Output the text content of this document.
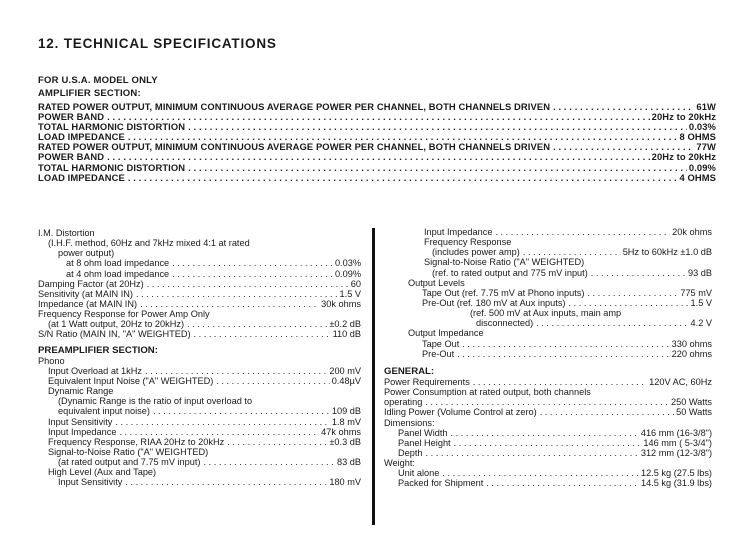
12. TECHNICAL SPECIFICATIONS
FOR U.S.A. MODEL ONLY
AMPLIFIER SECTION:
RATED POWER OUTPUT, MINIMUM CONTINUOUS AVERAGE POWER PER CHANNEL, BOTH CHANNELS DRIVEN . . .	61W
POWER BAND . . .	20Hz to 20kHz
TOTAL HARMONIC DISTORTION . . .	0.03%
LOAD IMPEDANCE . . .	8 OHMS
RATED POWER OUTPUT, MINIMUM CONTINUOUS AVERAGE POWER PER CHANNEL, BOTH CHANNELS DRIVEN . . .	77W
POWER BAND . . .	20Hz to 20kHz
TOTAL HARMONIC DISTORTION . . .	0.09%
LOAD IMPEDANCE . . .	4 OHMS
I.M. Distortion
(I.H.F. method, 60Hz and 7kHz mixed 4:1 at rated
power output)
at 8 ohm load impedance . . .	0.03%
at 4 ohm load impedance . . .	0.09%
Damping Factor (at 20Hz) . . .	60
Sensitivity (at MAIN IN) . . .	1.5 V
Impedance (at MAIN IN) . . .	30k ohms
Frequency Response for Power Amp Only
(at 1 Watt output, 20Hz to 20kHz) . . .	±0.2 dB
S/N Ratio (MAIN IN, "A" WEIGHTED) . . .	110 dB
PREAMPLIFIER SECTION:
Phono
Input Overload at 1kHz . . .	200 mV
Equivalent Input Noise ("A" WEIGHTED) . . .	0.48µV
Dynamic Range
(Dynamic Range is the ratio of input overload to
equivalent input noise) . . .	109 dB
Input Sensitivity . . .	1.8 mV
Input Impedance . . .	47k ohms
Frequency Response, RIAA 20Hz to 20kHz . . .	±0.3 dB
Signal-to-Noise Ratio ("A" WEIGHTED)
(at rated output and 7.75 mV input) . . .	83 dB
High Level (Aux and Tape)
Input Sensitivity . . .	180 mV
Input Impedance . . .	20k ohms
Frequency Response
(includes power amp) . . .	5Hz to 60kHz ±1.0 dB
Signal-to-Noise Ratio ("A" WEIGHTED)
(ref. to rated output and 775 mV input) . . .	93 dB
Output Levels
Tape Out (ref. 7.75 mV at Phono inputs) . . .	775 mV
Pre-Out (ref. 180 mV at Aux inputs) . . .	1.5 V
(ref. 500 mV at Aux inputs, main amp
disconnected) . . .	4.2 V
Output Impedance
Tape Out . . .	330 ohms
Pre-Out . . .	220 ohms
GENERAL:
Power Requirements . . .	120V AC, 60Hz
Power Consumption at rated output, both channels
operating . . .	250 Watts
Idling Power (Volume Control at zero) . . .	50 Watts
Dimensions:
Panel Width . . .	416 mm (16-3/8")
Panel Height . . .	146 mm ( 5-3/4")
Depth . . .	312 mm (12-3/8")
Weight:
Unit alone . . .	12.5 kg (27.5 lbs)
Packed for Shipment . . .	14.5 kg (31.9 lbs)
